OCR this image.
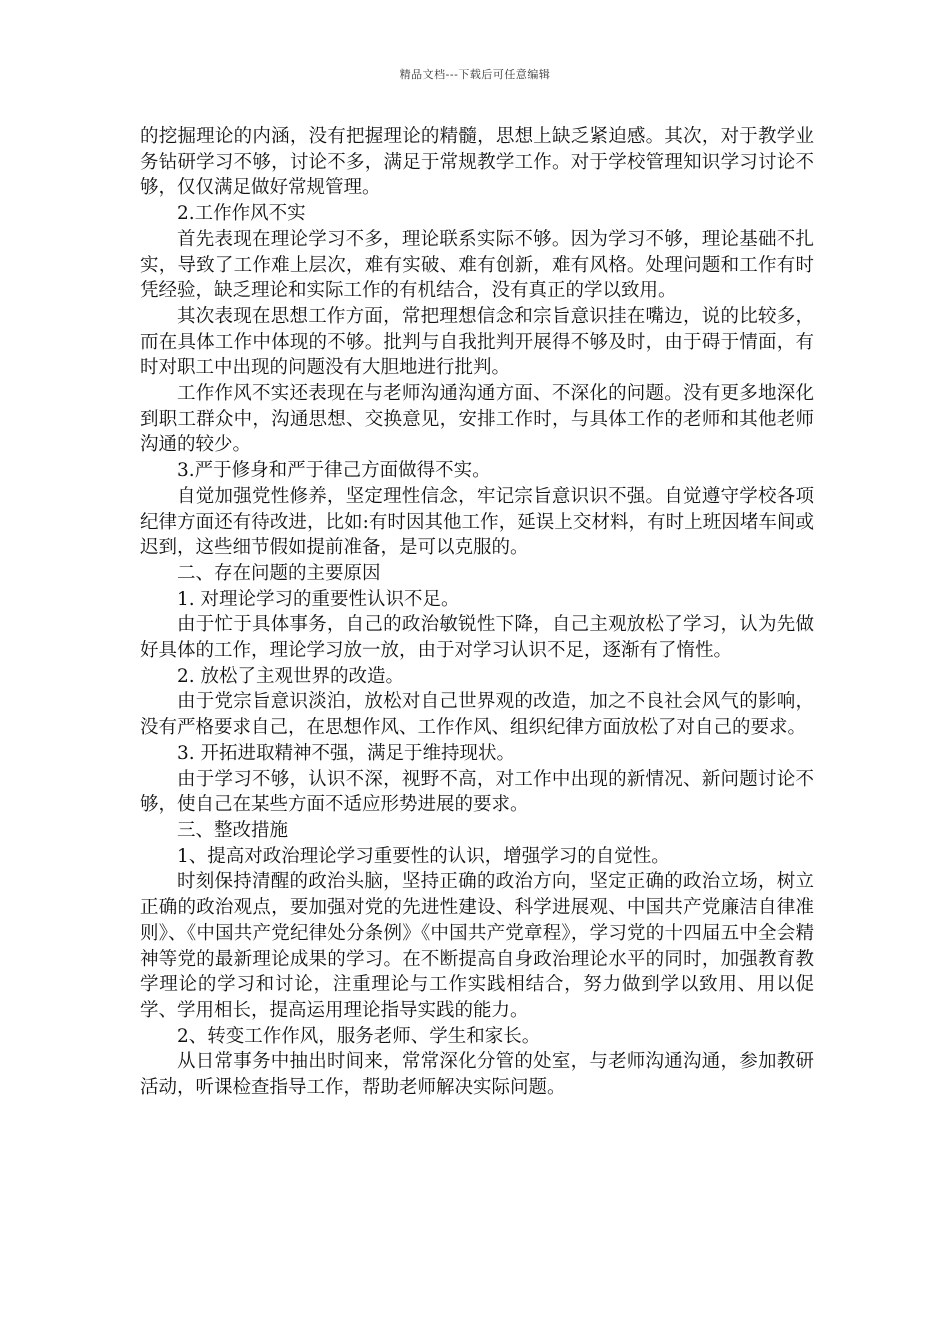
精品文档---下载后可任意编辑

的挖掘理论的内涵，没有把握理论的精髓，思想上缺乏紧迫感。其次，对于教学业务钻研学习不够，讨论不多，满足于常规教学工作。对于学校管理知识学习讨论不够，仅仅满足做好常规管理。

2.工作作风不实

首先表现在理论学习不多，理论联系实际不够。因为学习不够，理论基础不扎实，导致了工作难上层次，难有实破、难有创新，难有风格。处理问题和工作有时凭经验，缺乏理论和实际工作的有机结合，没有真正的学以致用。

其次表现在思想工作方面，常把理想信念和宗旨意识挂在嘴边，说的比较多，而在具体工作中体现的不够。批判与自我批判开展得不够及时，由于碍于情面，有时对职工中出现的问题没有大胆地进行批判。

工作作风不实还表现在与老师沟通沟通方面、不深化的问题。没有更多地深化到职工群众中，沟通思想、交换意见，安排工作时，与具体工作的老师和其他老师沟通的较少。

3.严于修身和严于律己方面做得不实。

自觉加强党性修养，坚定理性信念，牢记宗旨意识识不强。自觉遵守学校各项纪律方面还有待改进，比如:有时因其他工作，延误上交材料，有时上班因堵车间或迟到，这些细节假如提前准备，是可以克服的。

二、存在问题的主要原因

1. 对理论学习的重要性认识不足。

由于忙于具体事务，自己的政治敏锐性下降，自己主观放松了学习，认为先做好具体的工作，理论学习放一放，由于对学习认识不足，逐渐有了惰性。

2. 放松了主观世界的改造。

由于党宗旨意识淡泊，放松对自己世界观的改造，加之不良社会风气的影响，没有严格要求自己，在思想作风、工作作风、组织纪律方面放松了对自己的要求。

3. 开拓进取精神不强，满足于维持现状。

由于学习不够，认识不深，视野不高，对工作中出现的新情况、新问题讨论不够，使自己在某些方面不适应形势进展的要求。

三、整改措施

1、提高对政治理论学习重要性的认识，增强学习的自觉性。

时刻保持清醒的政治头脑，坚持正确的政治方向，坚定正确的政治立场，树立正确的政治观点，要加强对党的先进性建设、科学进展观、中国共产党廉洁自律准则》、《中国共产党纪律处分条例》《中国共产党章程》，学习党的十四届五中全会精神等党的最新理论成果的学习。在不断提高自身政治理论水平的同时，加强教育教学理论的学习和讨论，注重理论与工作实践相结合，努力做到学以致用、用以促学、学用相长，提高运用理论指导实践的能力。

2、转变工作作风，服务老师、学生和家长。

从日常事务中抽出时间来，常常深化分管的处室，与老师沟通沟通，参加教研活动，听课检查指导工作，帮助老师解决实际问题。
